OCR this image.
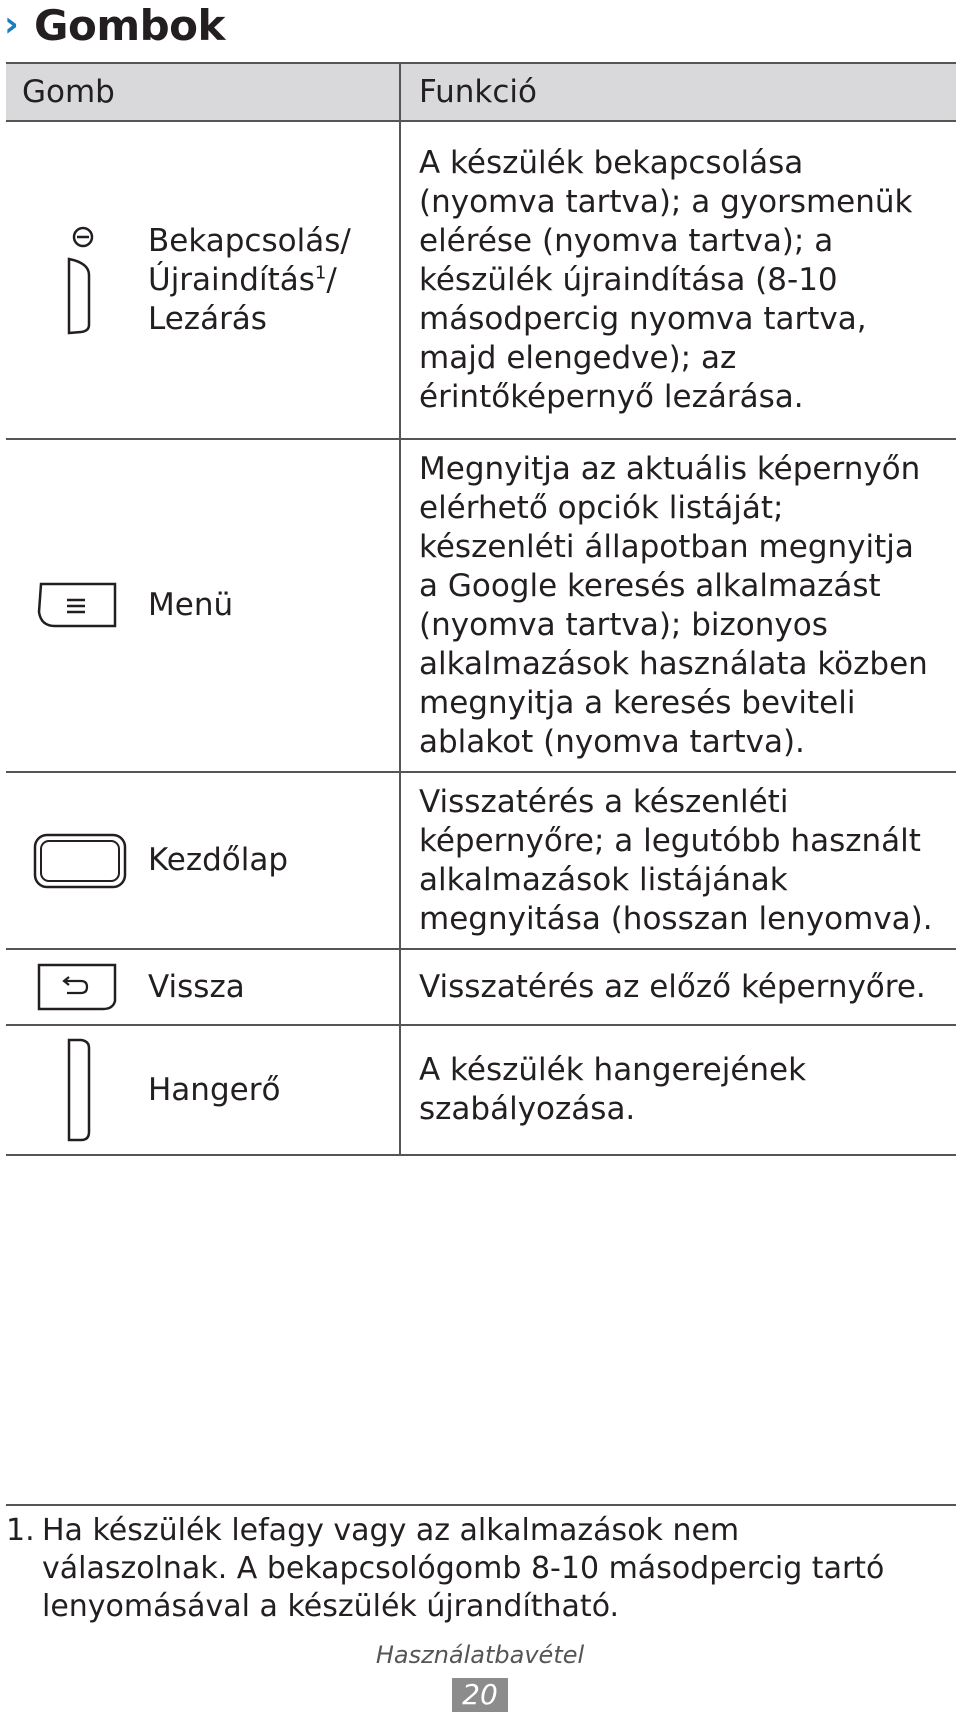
› Gombok
Gomb		Funkció

	Bekapcsolás/
Újraindítás$^1$/
Lezárás	A készülék bekapcsolása (nyomva tartva); a gyorsmenük elérése (nyomva tartva); a készülék újraindítása (8-10 másodpercig nyomva tartva, majd elengedve); az érintőképernyő lezárása.

	Menü	Megnyitja az aktuális képernyőn elérhető opciók listáját; készenléti állapotban megnyitja a Google keresés alkalmazást (nyomva tartva); bizonyos alkalmazások használata közben megnyitja a keresés beviteli ablakot (nyomva tartva).

	Kezdőlap	Visszatérés a készenléti képernyőre; a legutóbb használt alkalmazások listájának megnyitása (hosszan lenyomva).

	Vissza	Visszatérés az előző képernyőre.

	Hangerő	A készülék hangerejének szabályozása.
1. Ha készülék lefagy vagy az alkalmazások nem válaszolnak. A bekapcsológomb 8-10 másodpercig tartó lenyomásával a készülék újrandítható.
Használatbavétel
20
